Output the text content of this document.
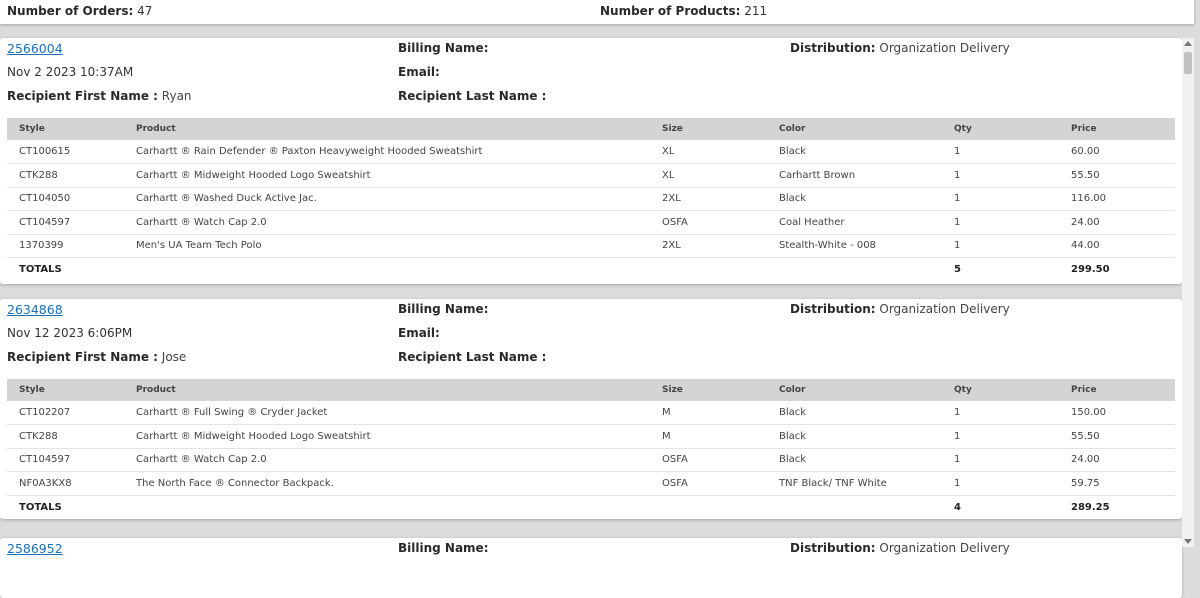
Number of Orders: 47	Number of Products: 211
2566004	Billing Name:	Distribution: Organization Delivery
Nov 2 2023 10:37AM	Email:
Recipient First Name : Ryan	Recipient Last Name :
Style	Product	Size	Color	Qty	Price
CT100615	Carhartt ® Rain Defender ® Paxton Heavyweight Hooded Sweatshirt	XL	Black	1	60.00
CTK288	Carhartt ® Midweight Hooded Logo Sweatshirt	XL	Carhartt Brown	1	55.50
CT104050	Carhartt ® Washed Duck Active Jac.	2XL	Black	1	116.00
CT104597	Carhartt ® Watch Cap 2.0	OSFA	Coal Heather	1	24.00
1370399	Men's UA Team Tech Polo	2XL	Stealth-White - 008	1	44.00
TOTALS				5	299.50
2634868	Billing Name:	Distribution: Organization Delivery
Nov 12 2023 6:06PM	Email:
Recipient First Name : Jose	Recipient Last Name :
Style	Product	Size	Color	Qty	Price
CT102207	Carhartt ® Full Swing ® Cryder Jacket	M	Black	1	150.00
CTK288	Carhartt ® Midweight Hooded Logo Sweatshirt	M	Black	1	55.50
CT104597	Carhartt ® Watch Cap 2.0	OSFA	Black	1	24.00
NF0A3KX8	The North Face ® Connector Backpack.	OSFA	TNF Black/ TNF White	1	59.75
TOTALS				4	289.25
2586952	Billing Name:	Distribution: Organization Delivery
